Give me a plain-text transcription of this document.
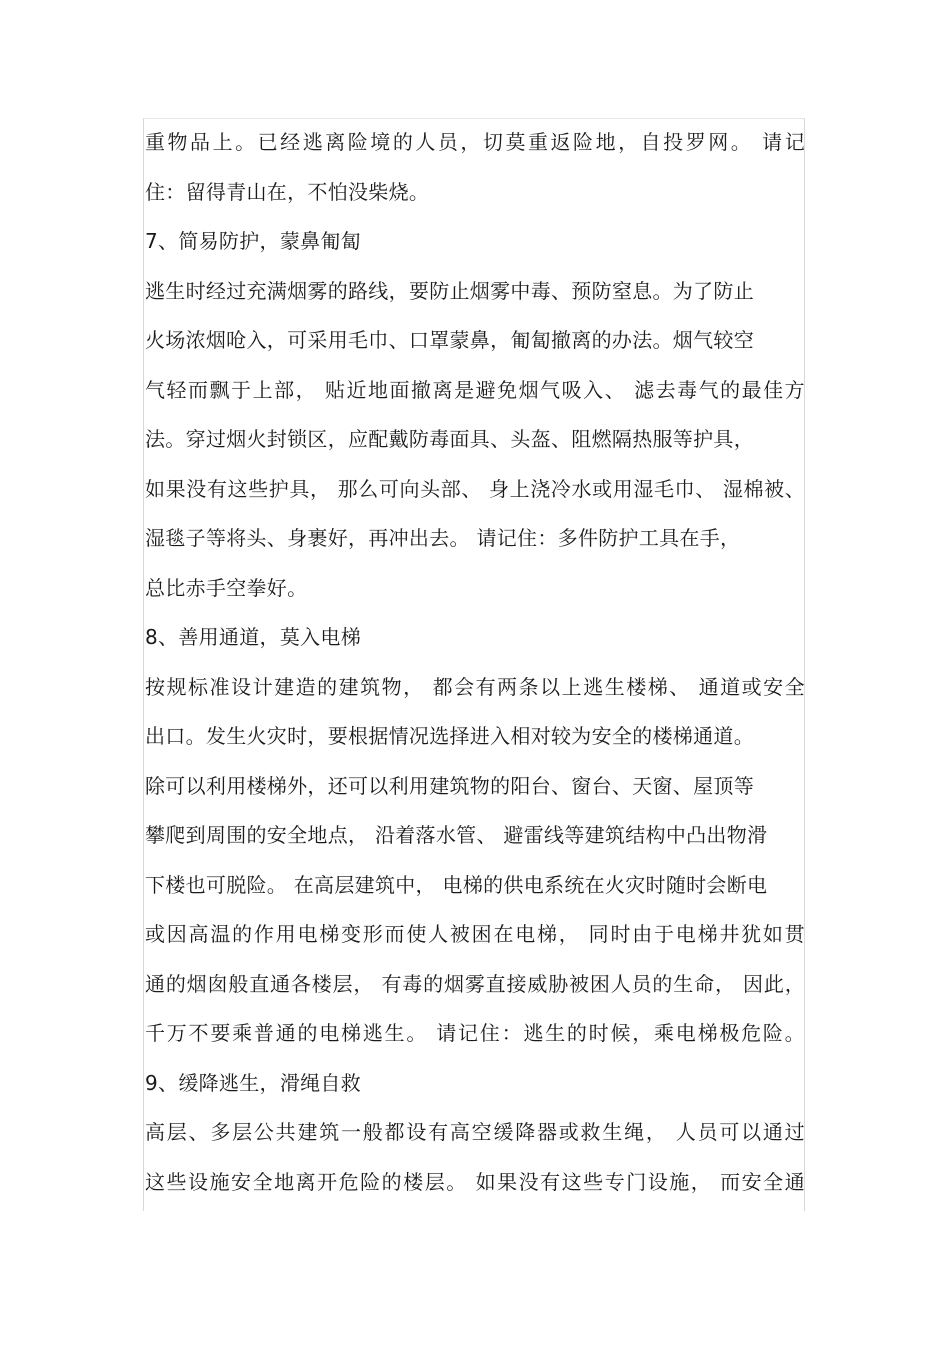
重物品上。已经逃离险境的人员，切莫重返险地，自投罗网。 请记
住：留得青山在，不怕没柴烧。
7、简易防护，蒙鼻匍匐
逃生时经过充满烟雾的路线，要防止烟雾中毒、预防窒息。为了防止
火场浓烟呛入，可采用毛巾、口罩蒙鼻，匍匐撤离的办法。烟气较空
气轻而飘于上部， 贴近地面撤离是避免烟气吸入、 滤去毒气的最佳方
法。穿过烟火封锁区，应配戴防毒面具、头盔、阻燃隔热服等护具，
如果没有这些护具， 那么可向头部、 身上浇冷水或用湿毛巾、 湿棉被、
湿毯子等将头、身裹好，再冲出去。 请记住：多件防护工具在手，
总比赤手空拳好。
8、善用通道，莫入电梯
按规标准设计建造的建筑物， 都会有两条以上逃生楼梯、 通道或安全
出口。发生火灾时，要根据情况选择进入相对较为安全的楼梯通道。
除可以利用楼梯外，还可以利用建筑物的阳台、窗台、天窗、屋顶等
攀爬到周围的安全地点， 沿着落水管、 避雷线等建筑结构中凸出物滑
下楼也可脱险。 在高层建筑中， 电梯的供电系统在火灾时随时会断电
或因高温的作用电梯变形而使人被困在电梯， 同时由于电梯井犹如贯
通的烟囱般直通各楼层， 有毒的烟雾直接威胁被困人员的生命， 因此，
千万不要乘普通的电梯逃生。 请记住：逃生的时候，乘电梯极危险。
9、缓降逃生，滑绳自救
高层、多层公共建筑一般都设有高空缓降器或救生绳， 人员可以通过
这些设施安全地离开危险的楼层。 如果没有这些专门设施， 而安全通
